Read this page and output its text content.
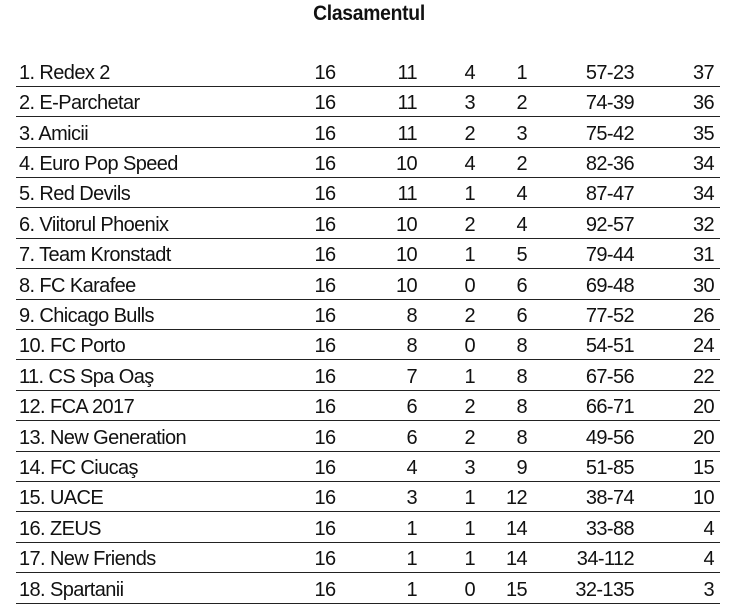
Clasamentul
1. Redex 2	16	11	4	1	57-23	37
2. E-Parchetar	16	11	3	2	74-39	36
3. Amicii	16	11	2	3	75-42	35
4. Euro Pop Speed	16	10	4	2	82-36	34
5. Red Devils	16	11	1	4	87-47	34
6. Viitorul Phoenix	16	10	2	4	92-57	32
7. Team Kronstadt	16	10	1	5	79-44	31
8. FC Karafee	16	10	0	6	69-48	30
9. Chicago Bulls	16	8	2	6	77-52	26
10. FC Porto	16	8	0	8	54-51	24
11. CS Spa Oaş	16	7	1	8	67-56	22
12. FCA 2017	16	6	2	8	66-71	20
13. New Generation	16	6	2	8	49-56	20
14. FC Ciucaş	16	4	3	9	51-85	15
15. UACE	16	3	1	12	38-74	10
16. ZEUS	16	1	1	14	33-88	4
17. New Friends	16	1	1	14	34-112	4
18. Spartanii	16	1	0	15	32-135	3
